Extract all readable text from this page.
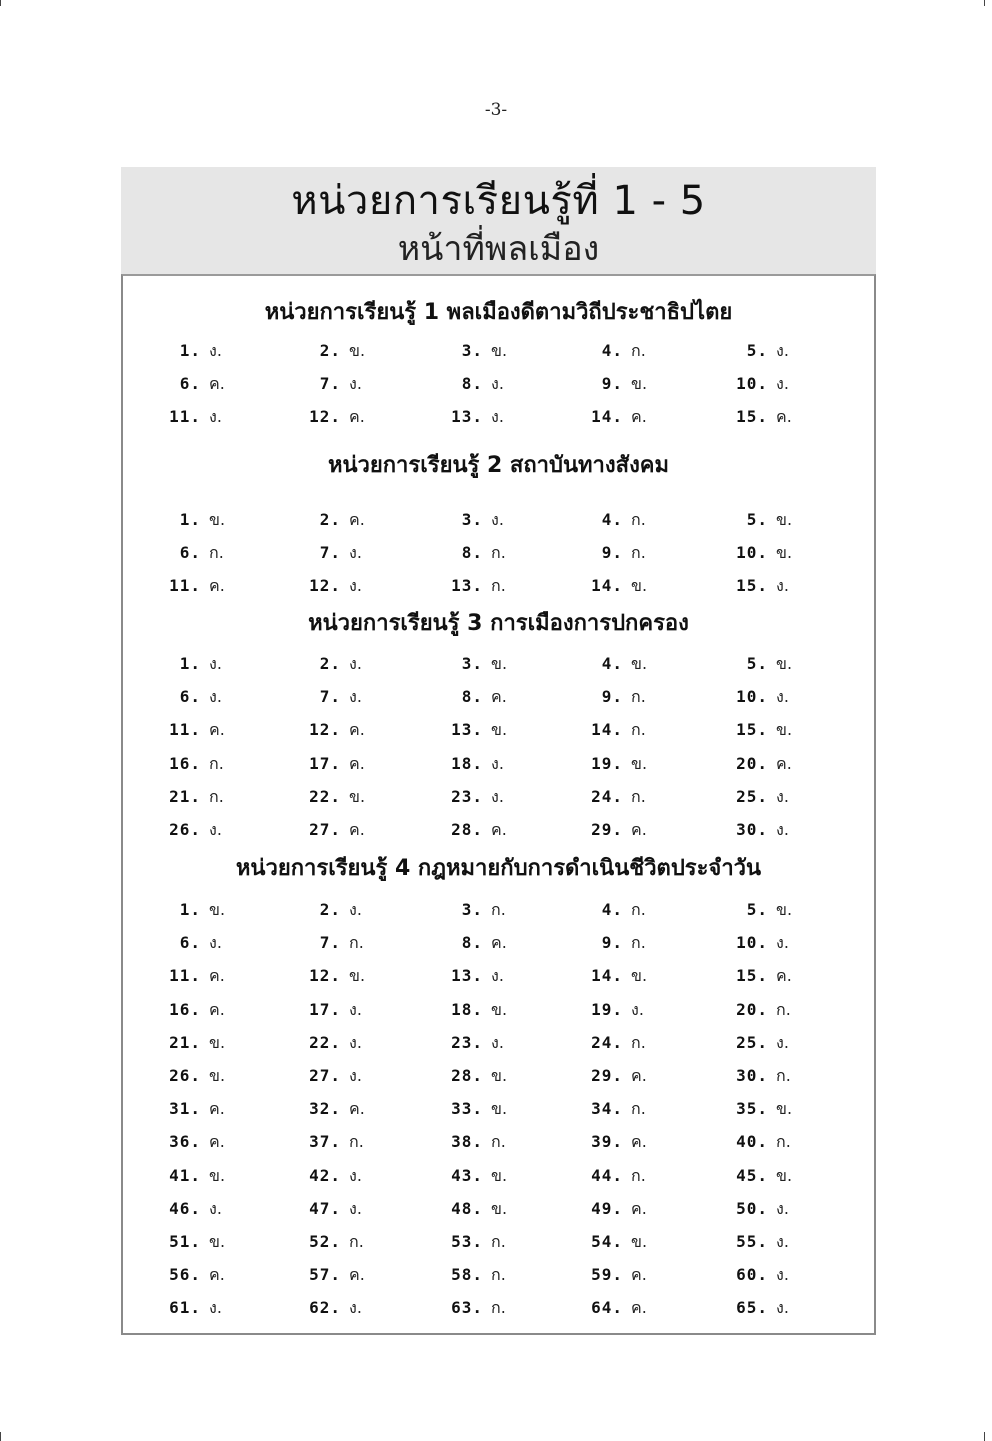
-3-
หน่วยการเรียนรู้ที่ 1 - 5
หน้าที่พลเมือง
หน่วยการเรียนรู้ 1 พลเมืองดีตามวิถีประชาธิปไตย
1. ง.	2. ข.	3. ข.	4. ก.	5. ง.
6. ค.	7. ง.	8. ง.	9. ข.	10. ง.
11. ง.	12. ค.	13. ง.	14. ค.	15. ค.
หน่วยการเรียนรู้ 2 สถาบันทางสังคม
1. ข.	2. ค.	3. ง.	4. ก.	5. ข.
6. ก.	7. ง.	8. ก.	9. ก.	10. ข.
11. ค.	12. ง.	13. ก.	14. ข.	15. ง.
หน่วยการเรียนรู้ 3 การเมืองการปกครอง
1. ง.	2. ง.	3. ข.	4. ข.	5. ข.
6. ง.	7. ง.	8. ค.	9. ก.	10. ง.
11. ค.	12. ค.	13. ข.	14. ก.	15. ข.
16. ก.	17. ค.	18. ง.	19. ข.	20. ค.
21. ก.	22. ข.	23. ง.	24. ก.	25. ง.
26. ง.	27. ค.	28. ค.	29. ค.	30. ง.
หน่วยการเรียนรู้ 4 กฎหมายกับการดำเนินชีวิตประจำวัน
1. ข.	2. ง.	3. ก.	4. ก.	5. ข.
6. ง.	7. ก.	8. ค.	9. ก.	10. ง.
11. ค.	12. ข.	13. ง.	14. ข.	15. ค.
16. ค.	17. ง.	18. ข.	19. ง.	20. ก.
21. ข.	22. ง.	23. ง.	24. ก.	25. ง.
26. ข.	27. ง.	28. ข.	29. ค.	30. ก.
31. ค.	32. ค.	33. ข.	34. ก.	35. ข.
36. ค.	37. ก.	38. ก.	39. ค.	40. ก.
41. ข.	42. ง.	43. ข.	44. ก.	45. ข.
46. ง.	47. ง.	48. ข.	49. ค.	50. ง.
51. ข.	52. ก.	53. ก.	54. ข.	55. ง.
56. ค.	57. ค.	58. ก.	59. ค.	60. ง.
61. ง.	62. ง.	63. ก.	64. ค.	65. ง.
